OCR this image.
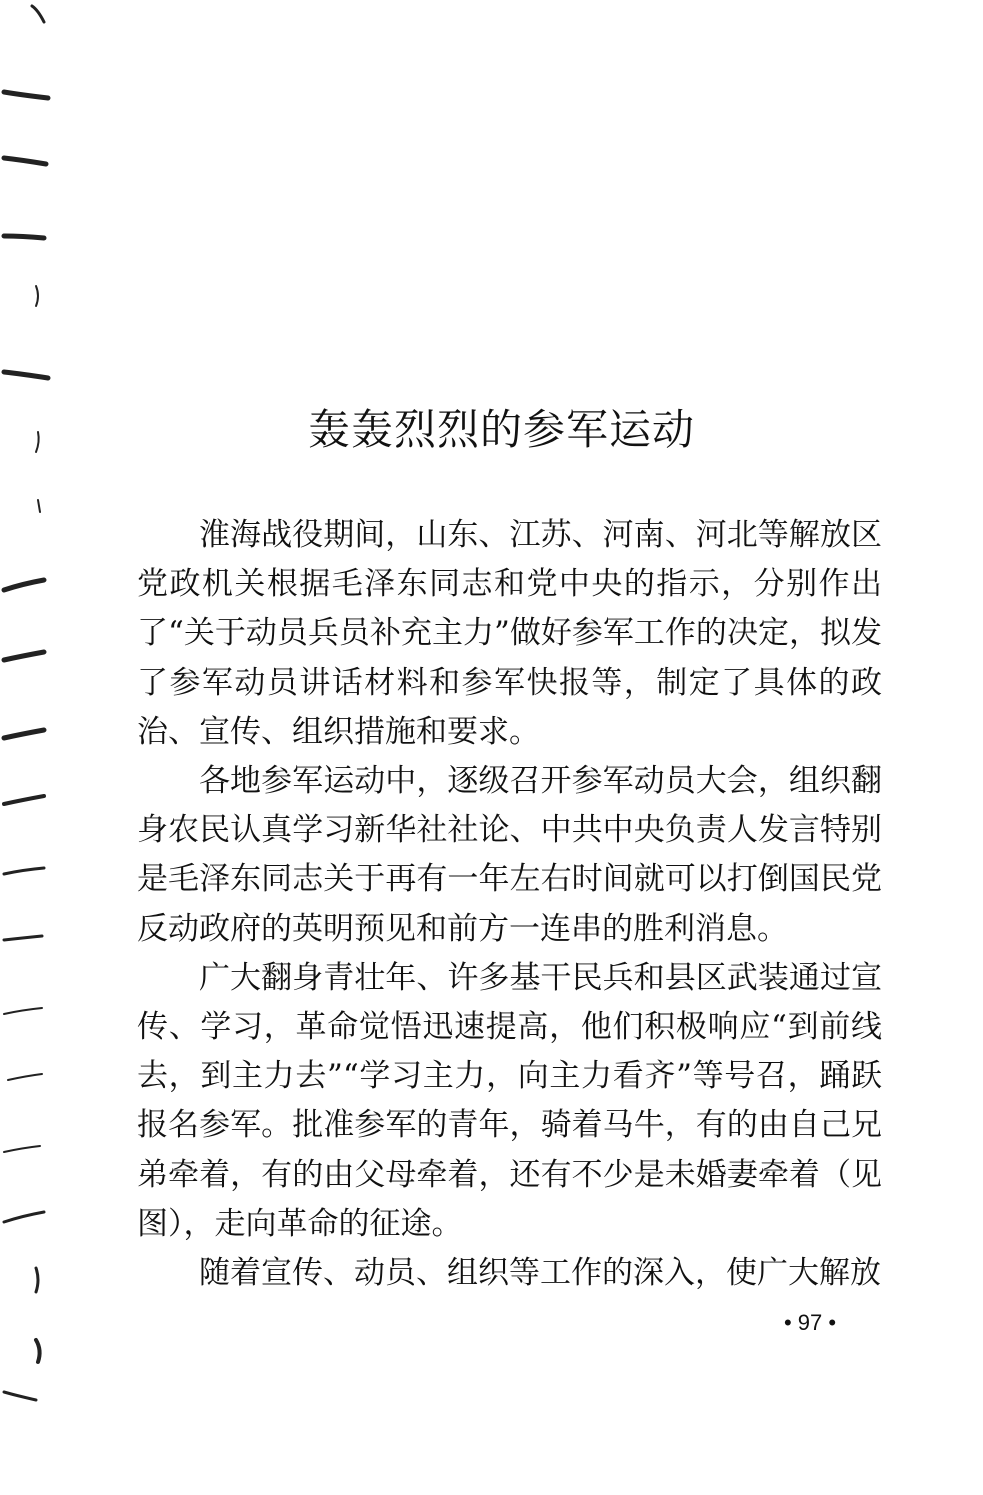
轰轰烈烈的参军运动

淮海战役期间，山东、江苏、河南、河北等解放区党政机关根据毛泽东同志和党中央的指示，分别作出了“关于动员兵员补充主力”做好参军工作的决定，拟发了参军动员讲话材料和参军快报等，制定了具体的政治、宣传、组织措施和要求。

各地参军运动中，逐级召开参军动员大会，组织翻身农民认真学习新华社社论、中共中央负责人发言特别是毛泽东同志关于再有一年左右时间就可以打倒国民党反动政府的英明预见和前方一连串的胜利消息。

广大翻身青壮年、许多基干民兵和县区武装通过宣传、学习，革命觉悟迅速提高，他们积极响应“到前线去，到主力去”“学习主力，向主力看齐”等号召，踊跃报名参军。批准参军的青年，骑着马牛，有的由自己兄弟牵着，有的由父母牵着，还有不少是未婚妻牵着（见图），走向革命的征途。

随着宣传、动员、组织等工作的深入，使广大解放

• 97 •
